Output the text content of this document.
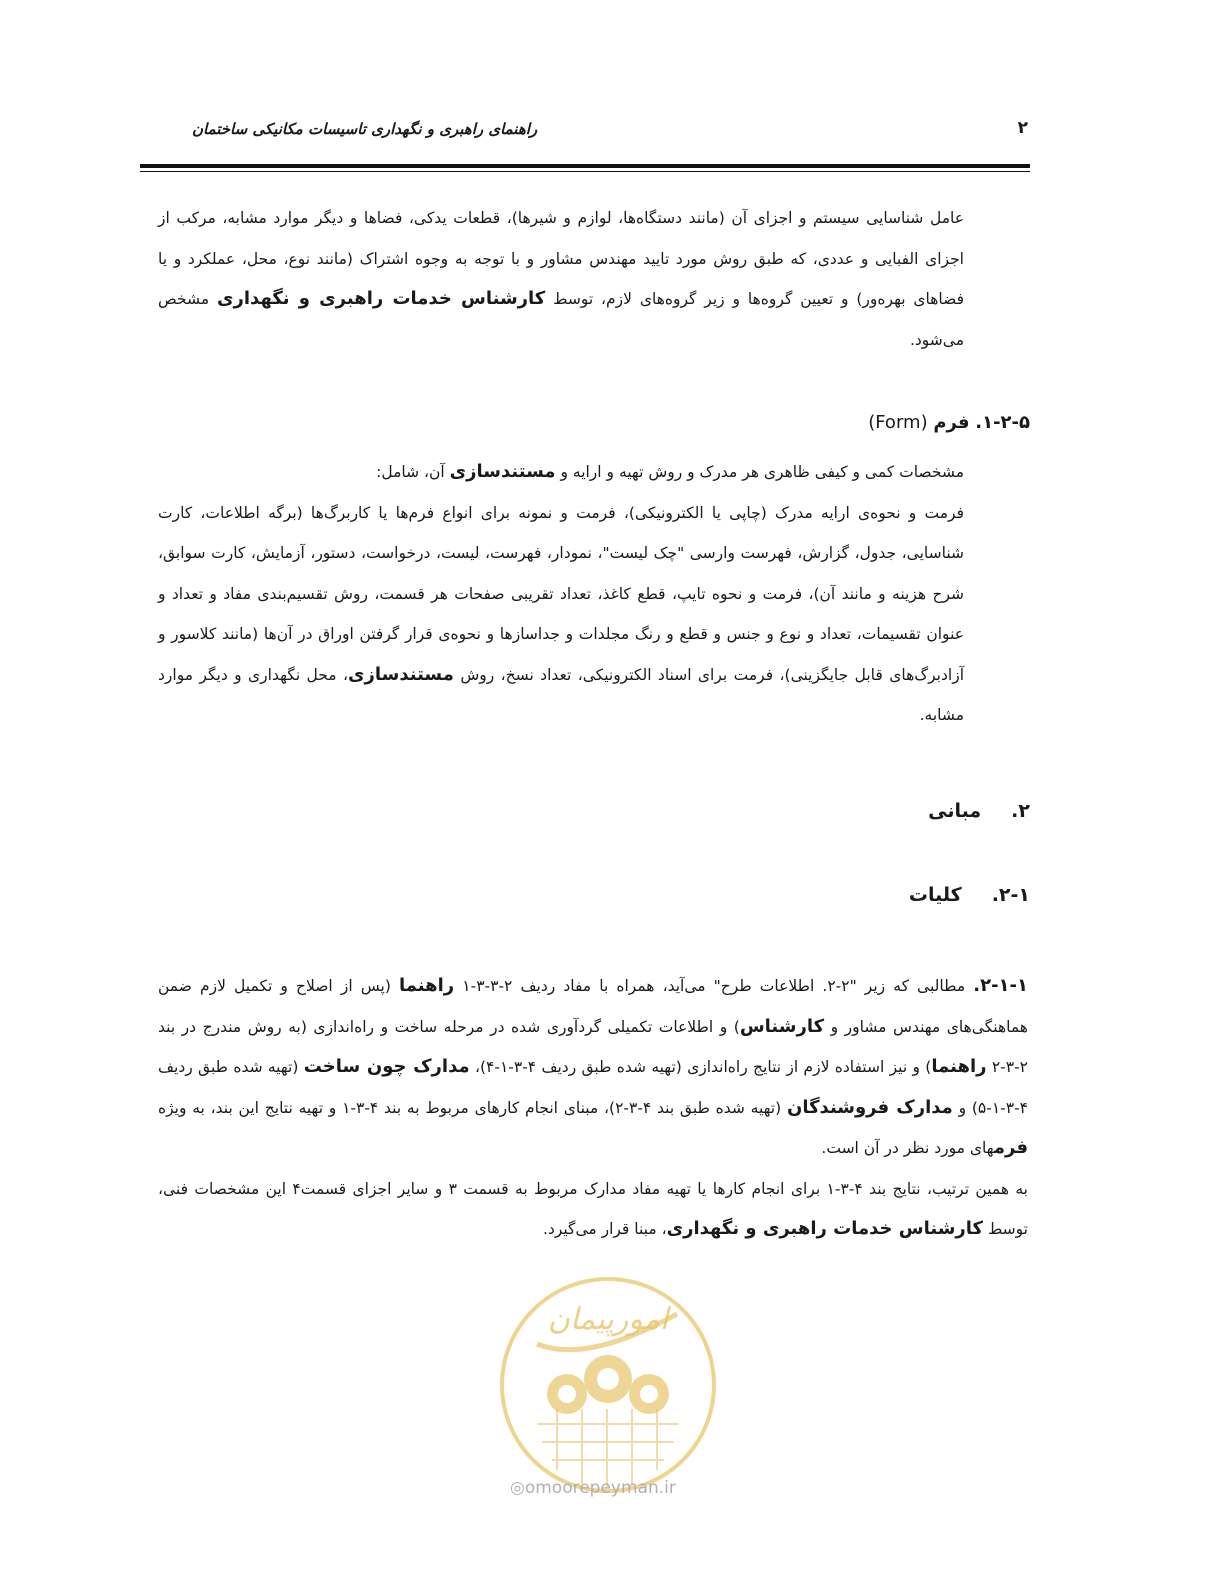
۲
راهنمای راهبری و نگهداری تاسیسات مکانیکی ساختمان

عامل شناسایی سیستم و اجزای آن (مانند دستگاه‌ها، لوازم و شیرها)، قطعات یدکی، فضاها و دیگر موارد مشابه، مرکب از اجزای الفبایی و عددی، که طبق روش مورد تایید مهندس مشاور و با توجه به وجوه اشتراک (مانند نوع، محل، عملکرد و یا فضاهای بهره‌ور) و تعیین گروه‌ها و زیر گروه‌های لازم، توسط کارشناس خدمات راهبری و نگهداری مشخص می‌شود.

۱-۲-۵. فرم (Form)

مشخصات کمی و کیفی ظاهری هر مدرک و روش تهیه و ارایه و مستندسازی آن، شامل:

فرمت و نحوه‌ی ارایه مدرک (چاپی یا الکترونیکی)، فرمت و نمونه برای انواع فرم‌ها یا کاربرگ‌ها (برگه اطلاعات، کارت شناسایی، جدول، گزارش، فهرست وارسی "چک لیست"، نمودار، فهرست، لیست، درخواست، دستور، آزمایش، کارت سوابق، شرح هزینه و مانند آن)، فرمت و نحوه تایپ، قطع کاغذ، تعداد تقریبی صفحات هر قسمت، روش تقسیم‌بندی مفاد و تعداد و عنوان تقسیمات، تعداد و نوع و جنس و قطع و رنگ مجلدات و جداسازها و نحوه‌ی قرار گرفتن اوراق در آن‌ها (مانند کلاسور و آزادبرگ‌های قابل جایگزینی)، فرمت برای اسناد الکترونیکی، تعداد نسخ، روش مستندسازی، محل نگهداری و دیگر موارد مشابه.

۲.مبانی
۲-۱.کلیات

۲-۱-۱. مطالبی که زیر "۲-۲. اطلاعات طرح" می‌آید، همراه با مفاد ردیف ۲-۳-۳-۱ راهنما (پس از اصلاح و تکمیل لازم ضمن هماهنگی‌های مهندس مشاور و کارشناس) و اطلاعات تکمیلی گردآوری شده در مرحله ساخت و راه‌اندازی (به روش مندرج در بند ۲-۳-۲ راهنما) و نیز استفاده لازم از نتایج راه‌اندازی (تهیه شده طبق ردیف ۴-۳-۱-۴)، مدارک چون ساخت (تهیه شده طبق ردیف ۴-۳-۱-۵) و مدارک فروشندگان (تهیه شده طبق بند ۴-۳-۲)، مبنای انجام کارهای مربوط به بند ۴-۳-۱ و تهیه نتایج این بند، به ویژه فرمهای مورد نظر در آن است.

به همین ترتیب، نتایج بند ۴-۳-۱ برای انجام کارها یا تهیه مفاد مدارک مربوط به قسمت ۳ و سایر اجزای قسمت۴ این مشخصات فنی، توسط کارشناس خدمات راهبری و نگهداری، مبنا قرار می‌گیرد.

امورپیمان
◎omoorepeyman.ir
